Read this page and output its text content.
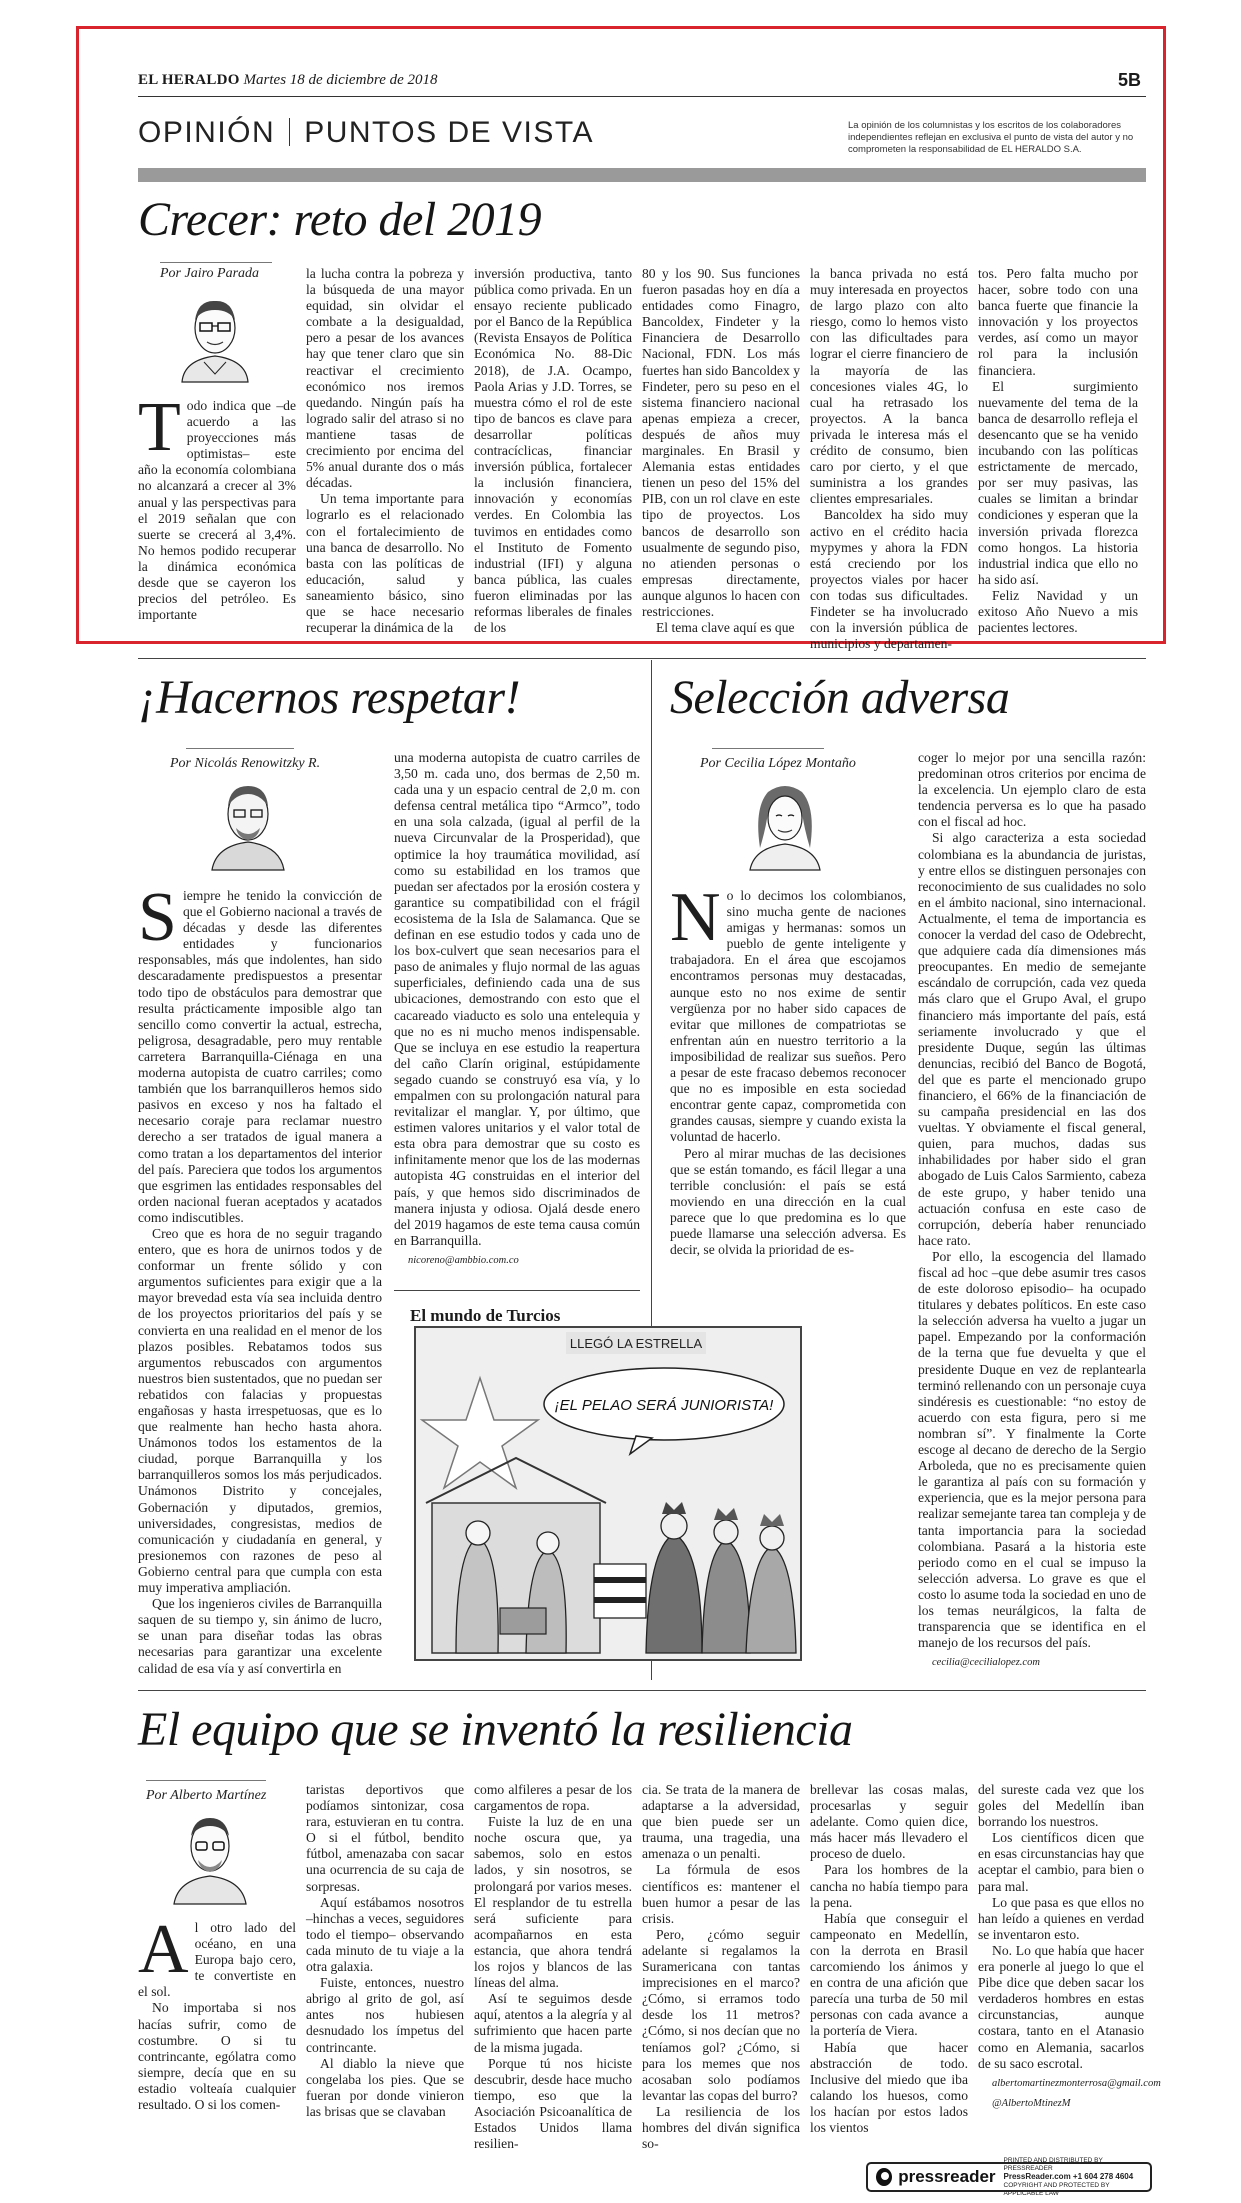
EL HERALDO Martes 18 de diciembre de 2018	5B
OPINIÓN PUNTOS DE VISTA	La opinión de los columnistas y los escritos de los colaboradores independientes reflejan en exclusiva el punto de vista del autor y no comprometen la responsabilidad de EL HERALDO S.A.
Crecer: reto del 2019
Por Jairo Parada
T odo indica que –de acuerdo a las proyecciones más optimistas– este año la economía colombiana no alcanzará a crecer al 3% anual y las perspectivas para el 2019 señalan que con suerte se crecerá al 3,4%. No hemos podido recuperar la dinámica económica desde que se cayeron los precios del petróleo. Es importante

la lucha contra la pobreza y la búsqueda de una mayor equidad, sin olvidar el combate a la desigualdad, pero a pesar de los avances hay que tener claro que sin reactivar el crecimiento económico nos iremos quedando. Ningún país ha logrado salir del atraso si no mantiene tasas de crecimiento por encima del 5% anual durante dos o más décadas.

Un tema importante para lograrlo es el relacionado con el fortalecimiento de una banca de desarrollo. No basta con las políticas de educación, salud y saneamiento básico, sino que se hace necesario recuperar la dinámica de la

inversión productiva, tanto pública como privada. En un ensayo reciente publicado por el Banco de la República (Revista Ensayos de Política Económica No. 88-Dic 2018), de J.A. Ocampo, Paola Arias y J.D. Torres, se muestra cómo el rol de este tipo de bancos es clave para desarrollar políticas contracíclicas, financiar inversión pública, fortalecer la inclusión financiera, innovación y economías verdes. En Colombia las tuvimos en entidades como el Instituto de Fomento industrial (IFI) y alguna banca pública, las cuales fueron eliminadas por las reformas liberales de finales de los

80 y los 90. Sus funciones fueron pasadas hoy en día a entidades como Finagro, Bancoldex, Findeter y la Financiera de Desarrollo Nacional, FDN. Los más fuertes han sido Bancoldex y Findeter, pero su peso en el sistema financiero nacional apenas empieza a crecer, después de años muy marginales. En Brasil y Alemania estas entidades tienen un peso del 15% del PIB, con un rol clave en este tipo de proyectos. Los bancos de desarrollo son usualmente de segundo piso, no atienden personas o empresas directamente, aunque algunos lo hacen con restricciones.

El tema clave aquí es que

la banca privada no está muy interesada en proyectos de largo plazo con alto riesgo, como lo hemos visto con las dificultades para lograr el cierre financiero de la mayoría de las concesiones viales 4G, lo cual ha retrasado los proyectos. A la banca privada le interesa más el crédito de consumo, bien caro por cierto, y el que suministra a los grandes clientes empresariales.

Bancoldex ha sido muy activo en el crédito hacia mypymes y ahora la FDN está creciendo por los proyectos viales por hacer con todas sus dificultades. Findeter se ha involucrado con la inversión pública de municipios y departamen-

tos. Pero falta mucho por hacer, sobre todo con una banca fuerte que financie la innovación y los proyectos verdes, así como un mayor rol para la inclusión financiera.

El surgimiento nuevamente del tema de la banca de desarrollo refleja el desencanto que se ha venido incubando con las políticas estrictamente de mercado, por ser muy pasivas, las cuales se limitan a brindar condiciones y esperan que la inversión privada florezca como hongos. La historia industrial indica que ello no ha sido así.

Feliz Navidad y un exitoso Año Nuevo a mis pacientes lectores.

¡Hacernos respetar!
Por Nicolás Renowitzky R.
S iempre he tenido la convicción de que el Gobierno nacional a través de décadas y desde las diferentes entidades y funcionarios responsables, más que indolentes, han sido descaradamente predispuestos a presentar todo tipo de obstáculos para demostrar que resulta prácticamente imposible algo tan sencillo como convertir la actual, estrecha, peligrosa, desagradable, pero muy rentable carretera Barranquilla-Ciénaga en una moderna autopista de cuatro carriles; como también que los barranquilleros hemos sido pasivos en exceso y nos ha faltado el necesario coraje para reclamar nuestro derecho a ser tratados de igual manera a como tratan a los departamentos del interior del país. Pareciera que todos los argumentos que esgrimen las entidades responsables del orden nacional fueran aceptados y acatados como indiscutibles.

Creo que es hora de no seguir tragando entero, que es hora de unirnos todos y de conformar un frente sólido y con argumentos suficientes para exigir que a la mayor brevedad esta vía sea incluida dentro de los proyectos prioritarios del país y se convierta en una realidad en el menor de los plazos posibles. Rebatamos todos sus argumentos rebuscados con argumentos nuestros bien sustentados, que no puedan ser rebatidos con falacias y propuestas engañosas y hasta irrespetuosas, que es lo que realmente han hecho hasta ahora. Unámonos todos los estamentos de la ciudad, porque Barranquilla y los barranquilleros somos los más perjudicados. Unámonos Distrito y concejales, Gobernación y diputados, gremios, universidades, congresistas, medios de comunicación y ciudadanía en general, y presionemos con razones de peso al Gobierno central para que cumpla con esta muy imperativa ampliación.

Que los ingenieros civiles de Barranquilla saquen de su tiempo y, sin ánimo de lucro, se unan para diseñar todas las obras necesarias para garantizar una excelente calidad de esa vía y así convertirla en

una moderna autopista de cuatro carriles de 3,50 m. cada uno, dos bermas de 2,50 m. cada una y un espacio central de 2,0 m. con defensa central metálica tipo “Armco”, todo en una sola calzada, (igual al perfil de la nueva Circunvalar de la Prosperidad), que optimice la hoy traumática movilidad, así como su estabilidad en los tramos que puedan ser afectados por la erosión costera y garantice su compatibilidad con el frágil ecosistema de la Isla de Salamanca. Que se definan en ese estudio todos y cada uno de los box-culvert que sean necesarios para el paso de animales y flujo normal de las aguas superficiales, definiendo cada una de sus ubicaciones, demostrando con esto que el cacareado viaducto es solo una entelequia y que no es ni mucho menos indispensable. Que se incluya en ese estudio la reapertura del caño Clarín original, estúpidamente segado cuando se construyó esa vía, y lo empalmen con su prolongación natural para revitalizar el manglar. Y, por último, que estimen valores unitarios y el valor total de esta obra para demostrar que su costo es infinitamente menor que los de las modernas autopista 4G construidas en el interior del país, y que hemos sido discriminados de manera injusta y odiosa. Ojalá desde enero del 2019 hagamos de este tema causa común en Barranquilla.

nicoreno@ambbio.com.co

El mundo de Turcios
LLEGÓ LA ESTRELLA
¡EL PELAO SERÁ JUNIORISTA!
Selección adversa
Por Cecilia López Montaño
N o lo decimos los colombianos, sino mucha gente de naciones amigas y hermanas: somos un pueblo de gente inteligente y trabajadora. En el área que escojamos encontramos personas muy destacadas, aunque esto no nos exime de sentir vergüenza por no haber sido capaces de evitar que millones de compatriotas se enfrentan aún en nuestro territorio a la imposibilidad de realizar sus sueños. Pero a pesar de este fracaso debemos reconocer que no es imposible en esta sociedad encontrar gente capaz, comprometida con grandes causas, siempre y cuando exista la voluntad de hacerlo.

Pero al mirar muchas de las decisiones que se están tomando, es fácil llegar a una terrible conclusión: el país se está moviendo en una dirección en la cual parece que lo que predomina es lo que puede llamarse una selección adversa. Es decir, se olvida la prioridad de es-

coger lo mejor por una sencilla razón: predominan otros criterios por encima de la excelencia. Un ejemplo claro de esta tendencia perversa es lo que ha pasado con el fiscal ad hoc.

Si algo caracteriza a esta sociedad colombiana es la abundancia de juristas, y entre ellos se distinguen personajes con reconocimiento de sus cualidades no solo en el ámbito nacional, sino internacional. Actualmente, el tema de importancia es conocer la verdad del caso de Odebrecht, que adquiere cada día dimensiones más preocupantes. En medio de semejante escándalo de corrupción, cada vez queda más claro que el Grupo Aval, el grupo financiero más importante del país, está seriamente involucrado y que el presidente Duque, según las últimas denuncias, recibió del Banco de Bogotá, del que es parte el mencionado grupo financiero, el 66% de la financiación de su campaña presidencial en las dos vueltas. Y obviamente el fiscal general, quien, para muchos, dadas sus inhabilidades por haber sido el gran abogado de Luis Calos Sarmiento, cabeza de este grupo, y haber tenido una actuación confusa en este caso de corrupción, debería haber renunciado hace rato.

Por ello, la escogencia del llamado fiscal ad hoc –que debe asumir tres casos de este doloroso episodio– ha ocupado titulares y debates políticos. En este caso la selección adversa ha vuelto a jugar un papel. Empezando por la conformación de la terna que fue devuelta y que el presidente Duque en vez de replantearla terminó rellenando con un personaje cuya sindéresis es cuestionable: “no estoy de acuerdo con esta figura, pero si me nombran sí”. Y finalmente la Corte escoge al decano de derecho de la Sergio Arboleda, que no es precisamente quien le garantiza al país con su formación y experiencia, que es la mejor persona para realizar semejante tarea tan compleja y de tanta importancia para la sociedad colombiana. Pasará a la historia este periodo como en el cual se impuso la selección adversa. Lo grave es que el costo lo asume toda la sociedad en uno de los temas neurálgicos, la falta de transparencia que se identifica en el manejo de los recursos del país.

cecilia@cecilialopez.com

El equipo que se inventó la resiliencia
Por Alberto Martínez
A l otro lado del océano, en una Europa bajo cero, te convertiste en el sol.

No importaba si nos hacías sufrir, como de costumbre. O si tu contrincante, ególatra como siempre, decía que en su estadio volteaía cualquier resultado. O si los comen-

taristas deportivos que podíamos sintonizar, cosa rara, estuvieran en tu contra. O si el fútbol, bendito fútbol, amenazaba con sacar una ocurrencia de su caja de sorpresas.

Aquí estábamos nosotros –hinchas a veces, seguidores todo el tiempo– observando cada minuto de tu viaje a la otra galaxia.

Fuiste, entonces, nuestro abrigo al grito de gol, así antes nos hubiesen desnudado los ímpetus del contrincante.

Al diablo la nieve que congelaba los pies. Que se fueran por donde vinieron las brisas que se clavaban

como alfileres a pesar de los cargamentos de ropa.

Fuiste la luz de en una noche oscura que, ya sabemos, solo en estos lados, y sin nosotros, se prolongará por varios meses. El resplandor de tu estrella será suficiente para acompañarnos en esta estancia, que ahora tendrá los rojos y blancos de las líneas del alma.

Así te seguimos desde aquí, atentos a la alegría y al sufrimiento que hacen parte de la misma jugada.

Porque tú nos hiciste descubrir, desde hace mucho tiempo, eso que la Asociación Psicoanalítica de Estados Unidos llama resilien-

cia. Se trata de la manera de adaptarse a la adversidad, que bien puede ser un trauma, una tragedia, una amenaza o un penalti.

La fórmula de esos científicos es: mantener el buen humor a pesar de las crisis.

Pero, ¿cómo seguir adelante si regalamos la Suramericana con tantas imprecisiones en el marco? ¿Cómo, si erramos todo desde los 11 metros? ¿Cómo, si nos decían que no teníamos gol? ¿Cómo, si para los memes que nos acosaban solo podíamos levantar las copas del burro?

La resiliencia de los hombres del diván significa so-

brellevar las cosas malas, procesarlas y seguir adelante. Como quien dice, más hacer más llevadero el proceso de duelo.

Para los hombres de la cancha no había tiempo para la pena.

Había que conseguir el campeonato en Medellín, con la derrota en Brasil carcomiendo los ánimos y en contra de una afición que parecía una turba de 50 mil personas con cada avance a la portería de Viera.

Había que hacer abstracción de todo. Inclusive del miedo que iba calando los huesos, como los hacían por estos lados los vientos

del sureste cada vez que los goles del Medellín iban borrando los nuestros.

Los científicos dicen que en esas circunstancias hay que aceptar el cambio, para bien o para mal.

Lo que pasa es que ellos no han leído a quienes en verdad se inventaron esto.

No. Lo que había que hacer era ponerle al juego lo que el Pibe dice que deben sacar los verdaderos hombres en estas circunstancias, aunque costara, tanto en el Atanasio como en Alemania, sacarlos de su saco escrotal.

albertomartinezmonterrosa@gmail.com

@AlbertoMtinezM

pressreader
PRINTED AND DISTRIBUTED BY PRESSREADER
PressReader.com +1 604 278 4604
COPYRIGHT AND PROTECTED BY APPLICABLE LAW
